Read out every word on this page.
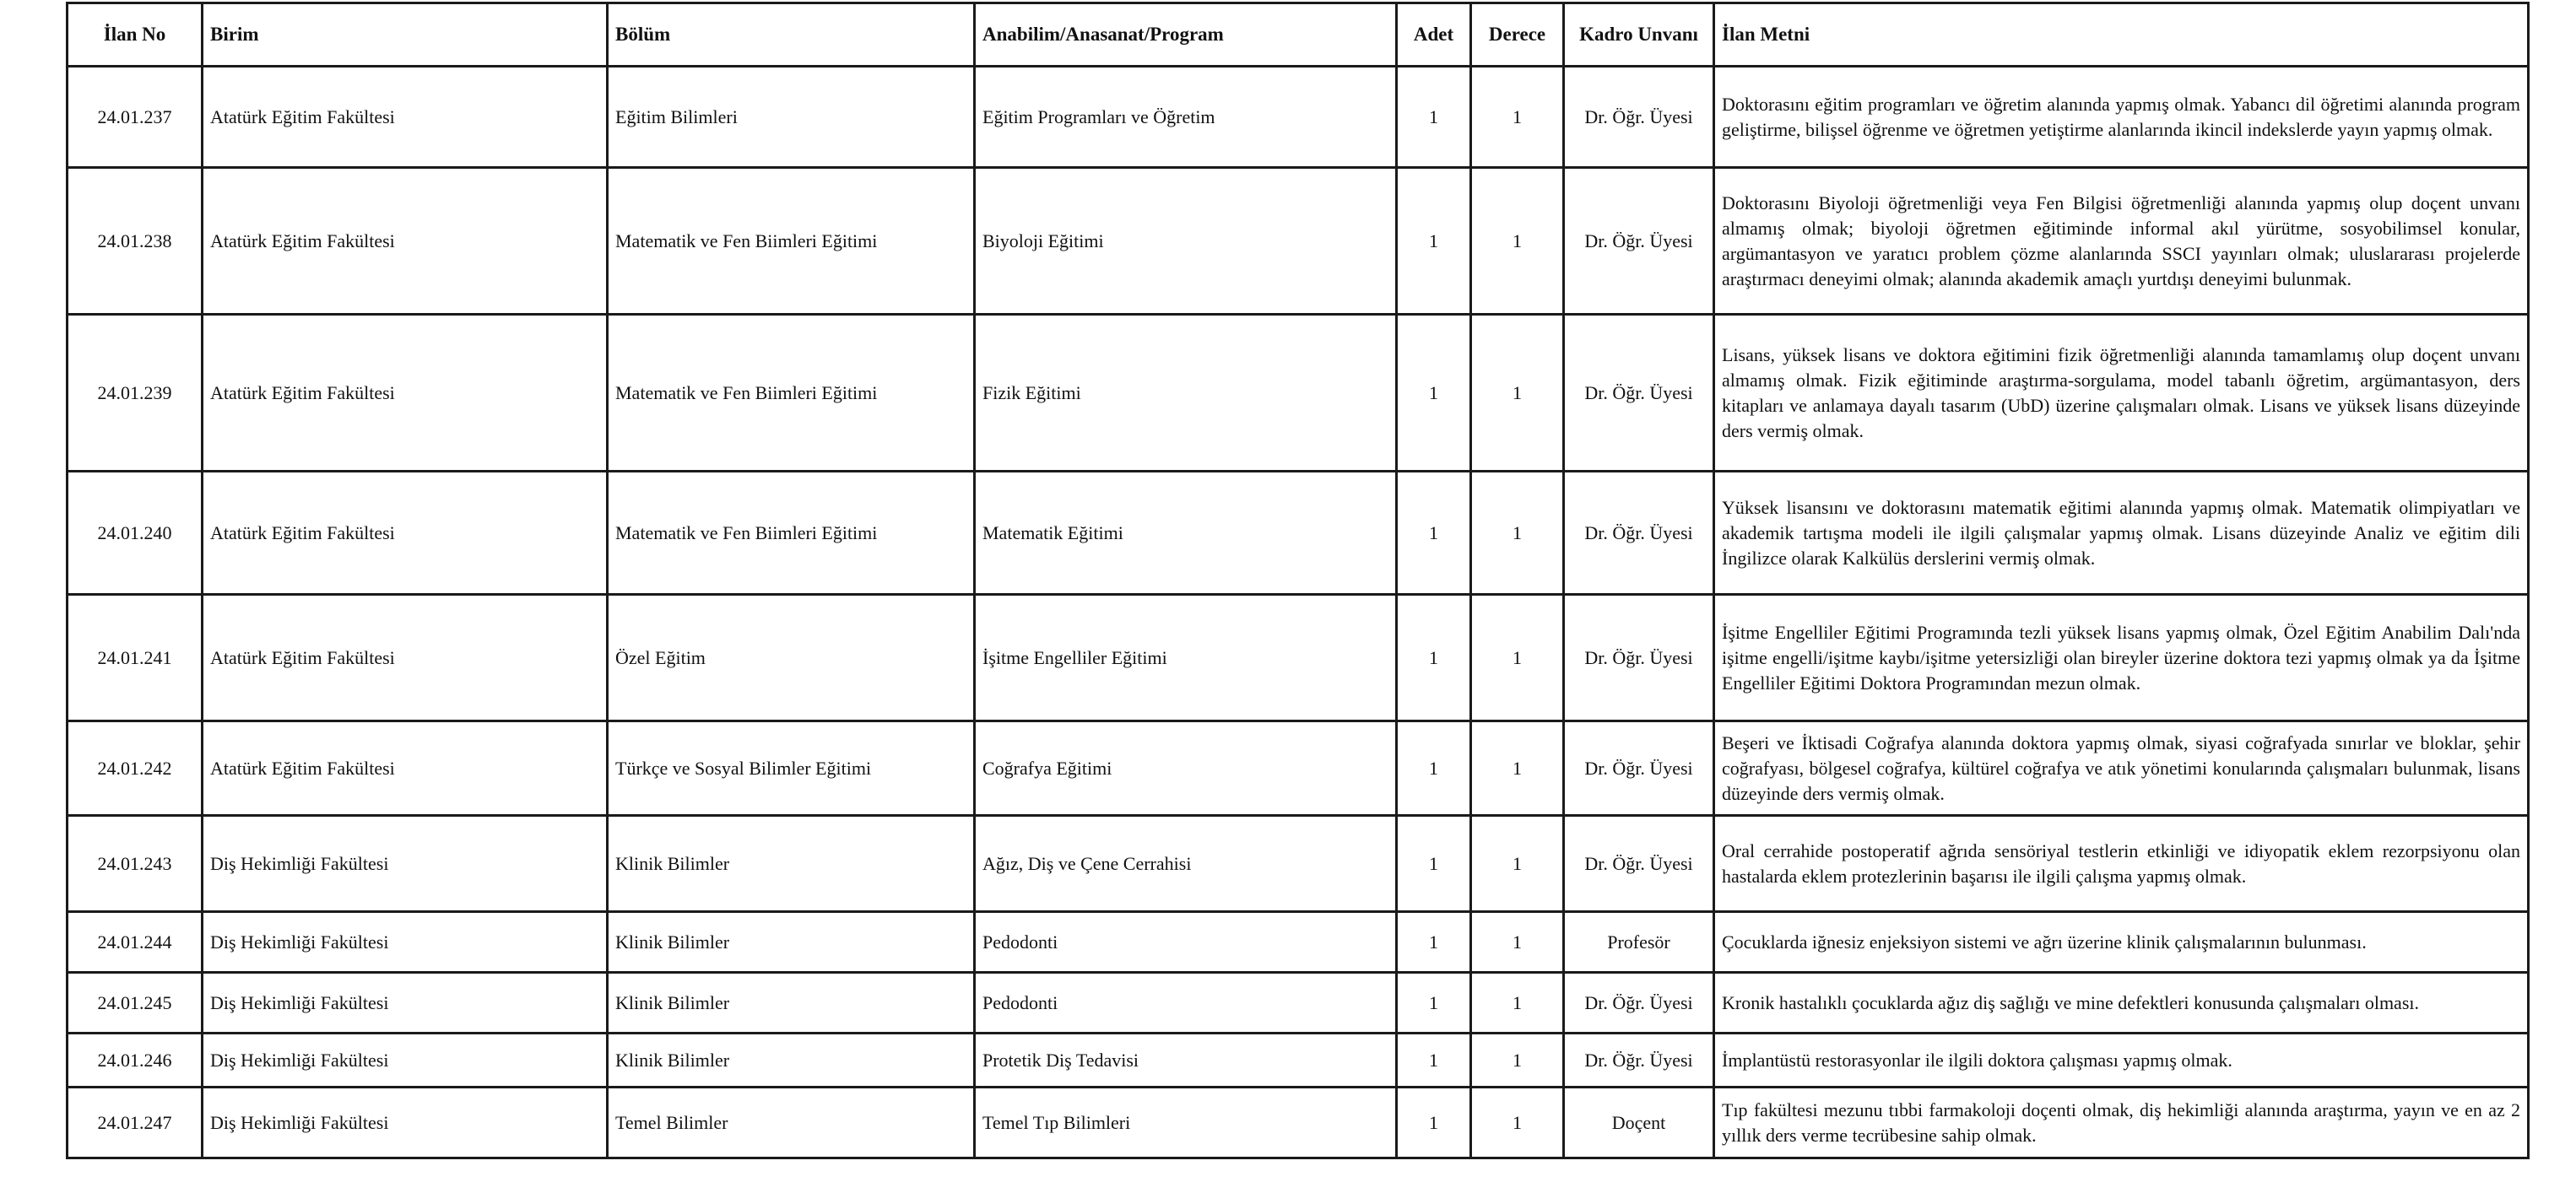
İlan No	Birim	Bölüm	Anabilim/Anasanat/Program	Adet	Derece	Kadro Unvanı	İlan Metni
24.01.237	Atatürk Eğitim Fakültesi	Eğitim Bilimleri	Eğitim Programları ve Öğretim	1	1	Dr. Öğr. Üyesi	Doktorasını eğitim programları ve öğretim alanında yapmış olmak. Yabancı dil öğretimi alanında program geliştirme, bilişsel öğrenme ve öğretmen yetiştirme alanlarında ikincil indekslerde yayın yapmış olmak.
24.01.238	Atatürk Eğitim Fakültesi	Matematik ve Fen Biimleri Eğitimi	Biyoloji Eğitimi	1	1	Dr. Öğr. Üyesi	Doktorasını Biyoloji öğretmenliği veya Fen Bilgisi öğretmenliği alanında yapmış olup doçent unvanı almamış olmak; biyoloji öğretmen eğitiminde informal akıl yürütme, sosyobilimsel konular, argümantasyon ve yaratıcı problem çözme alanlarında SSCI yayınları olmak; uluslararası projelerde araştırmacı deneyimi olmak; alanında akademik amaçlı yurtdışı deneyimi bulunmak.
24.01.239	Atatürk Eğitim Fakültesi	Matematik ve Fen Biimleri Eğitimi	Fizik Eğitimi	1	1	Dr. Öğr. Üyesi	Lisans, yüksek lisans ve doktora eğitimini fizik öğretmenliği alanında tamamlamış olup doçent unvanı almamış olmak. Fizik eğitiminde araştırma-sorgulama, model tabanlı öğretim, argümantasyon, ders kitapları ve anlamaya dayalı tasarım (UbD) üzerine çalışmaları olmak. Lisans ve yüksek lisans düzeyinde ders vermiş olmak.
24.01.240	Atatürk Eğitim Fakültesi	Matematik ve Fen Biimleri Eğitimi	Matematik Eğitimi	1	1	Dr. Öğr. Üyesi	Yüksek lisansını ve doktorasını matematik eğitimi alanında yapmış olmak. Matematik olimpiyatları ve akademik tartışma modeli ile ilgili çalışmalar yapmış olmak. Lisans düzeyinde Analiz ve eğitim dili İngilizce olarak Kalkülüs derslerini vermiş olmak.
24.01.241	Atatürk Eğitim Fakültesi	Özel Eğitim	İşitme Engelliler Eğitimi	1	1	Dr. Öğr. Üyesi	İşitme Engelliler Eğitimi Programında tezli yüksek lisans yapmış olmak, Özel Eğitim Anabilim Dalı'nda işitme engelli/işitme kaybı/işitme yetersizliği olan bireyler üzerine doktora tezi yapmış olmak ya da İşitme Engelliler Eğitimi Doktora Programından mezun olmak.
24.01.242	Atatürk Eğitim Fakültesi	Türkçe ve Sosyal Bilimler Eğitimi	Coğrafya Eğitimi	1	1	Dr. Öğr. Üyesi	Beşeri ve İktisadi Coğrafya alanında doktora yapmış olmak, siyasi coğrafyada sınırlar ve bloklar, şehir coğrafyası, bölgesel coğrafya, kültürel coğrafya ve atık yönetimi konularında çalışmaları bulunmak, lisans düzeyinde ders vermiş olmak.
24.01.243	Diş Hekimliği Fakültesi	Klinik Bilimler	Ağız, Diş ve Çene Cerrahisi	1	1	Dr. Öğr. Üyesi	Oral cerrahide postoperatif ağrıda sensöriyal testlerin etkinliği ve idiyopatik eklem rezorpsiyonu olan hastalarda eklem protezlerinin başarısı ile ilgili çalışma yapmış olmak.
24.01.244	Diş Hekimliği Fakültesi	Klinik Bilimler	Pedodonti	1	1	Profesör	Çocuklarda iğnesiz enjeksiyon sistemi ve ağrı üzerine klinik çalışmalarının bulunması.
24.01.245	Diş Hekimliği Fakültesi	Klinik Bilimler	Pedodonti	1	1	Dr. Öğr. Üyesi	Kronik hastalıklı çocuklarda ağız diş sağlığı ve mine defektleri konusunda çalışmaları olması.
24.01.246	Diş Hekimliği Fakültesi	Klinik Bilimler	Protetik Diş Tedavisi	1	1	Dr. Öğr. Üyesi	İmplantüstü restorasyonlar ile ilgili doktora çalışması yapmış olmak.
24.01.247	Diş Hekimliği Fakültesi	Temel Bilimler	Temel Tıp Bilimleri	1	1	Doçent	Tıp fakültesi mezunu tıbbi farmakoloji doçenti olmak, diş hekimliği alanında araştırma, yayın ve en az 2 yıllık ders verme tecrübesine sahip olmak.
